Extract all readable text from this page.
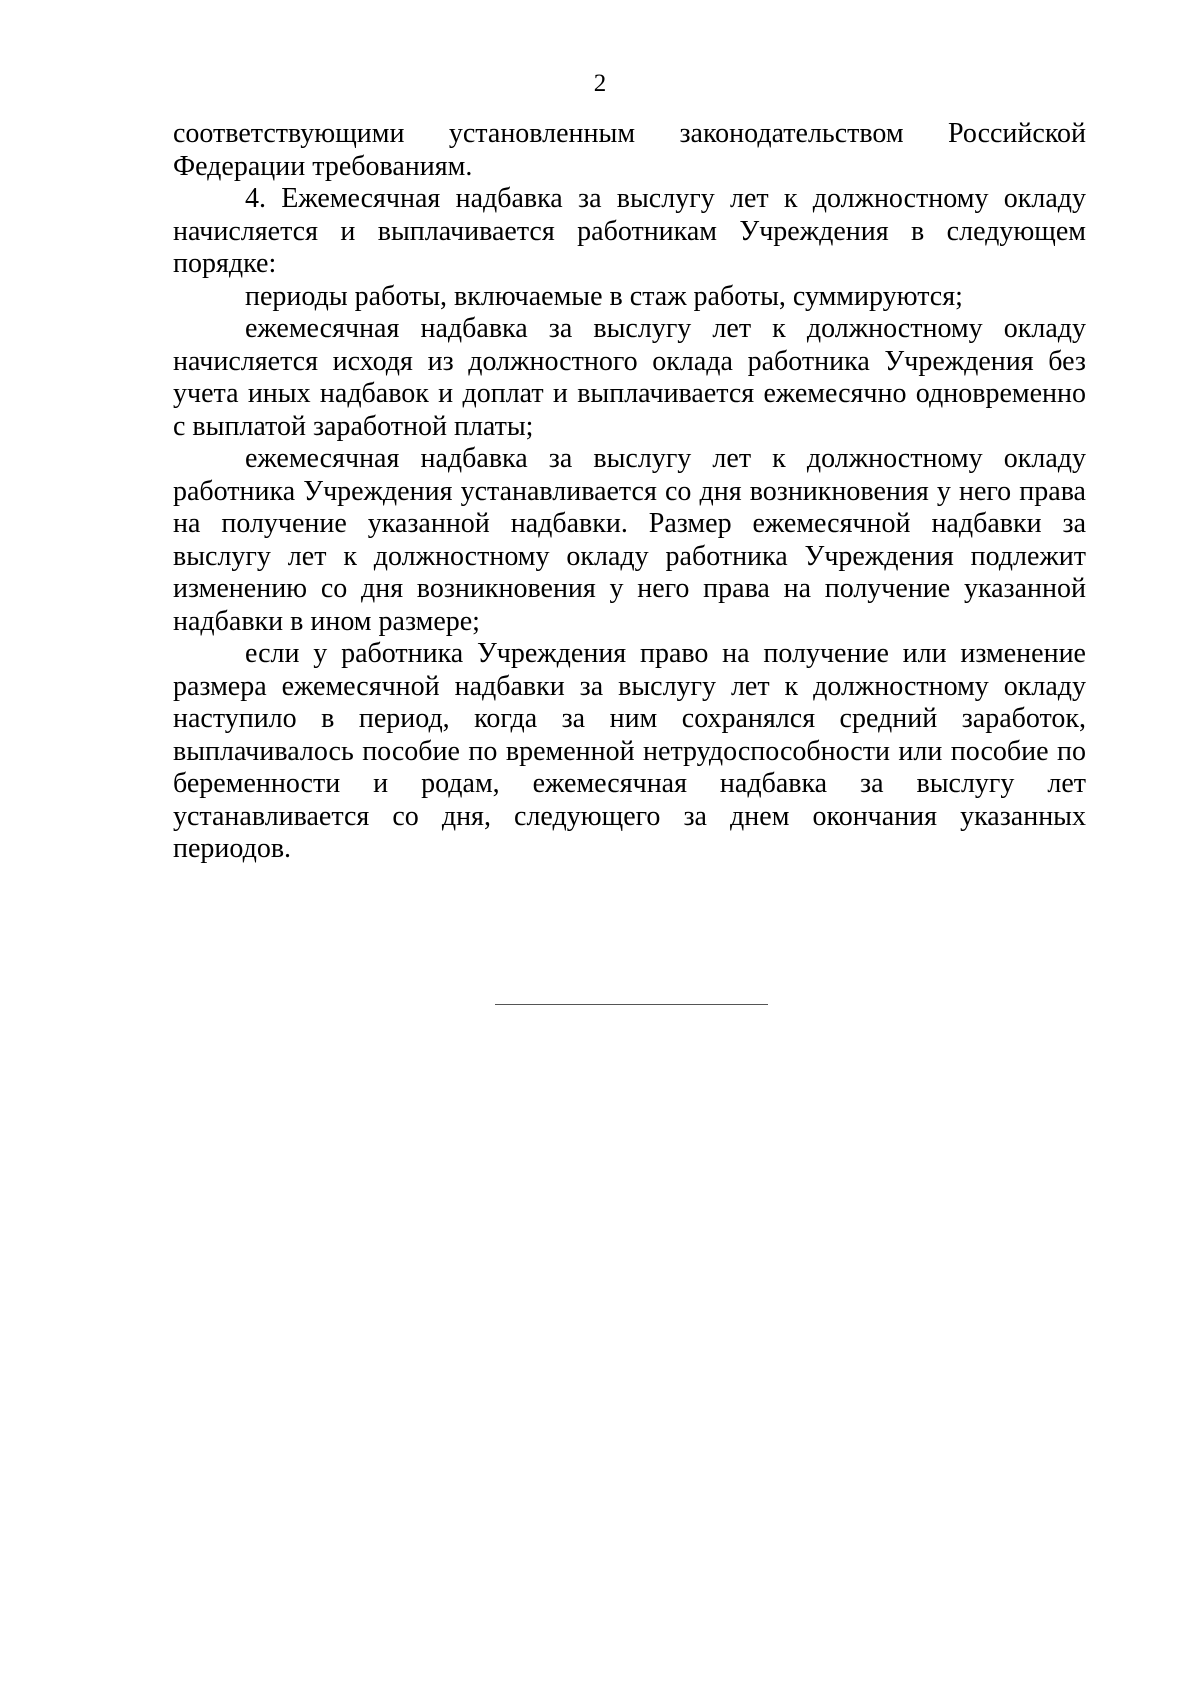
2

соответствующими установленным законодательством Российской Федерации требованиям.

4. Ежемесячная надбавка за выслугу лет к должностному окладу начисляется и выплачивается работникам Учреждения в следующем порядке:

периоды работы, включаемые в стаж работы, суммируются;

ежемесячная надбавка за выслугу лет к должностному окладу начисляется исходя из должностного оклада работника Учреждения без учета иных надбавок и доплат и выплачивается ежемесячно одновременно с выплатой заработной платы;

ежемесячная надбавка за выслугу лет к должностному окладу работника Учреждения устанавливается со дня возникновения у него права на получение указанной надбавки. Размер ежемесячной надбавки за выслугу лет к должностному окладу работника Учреждения подлежит изменению со дня возникновения у него права на получение указанной надбавки в ином размере;

если у работника Учреждения право на получение или изменение размера ежемесячной надбавки за выслугу лет к должностному окладу наступило в период, когда за ним сохранялся средний заработок, выплачивалось пособие по временной нетрудоспособности или пособие по беременности и родам, ежемесячная надбавка за выслугу лет устанавливается со дня, следующего за днем окончания указанных периодов.
